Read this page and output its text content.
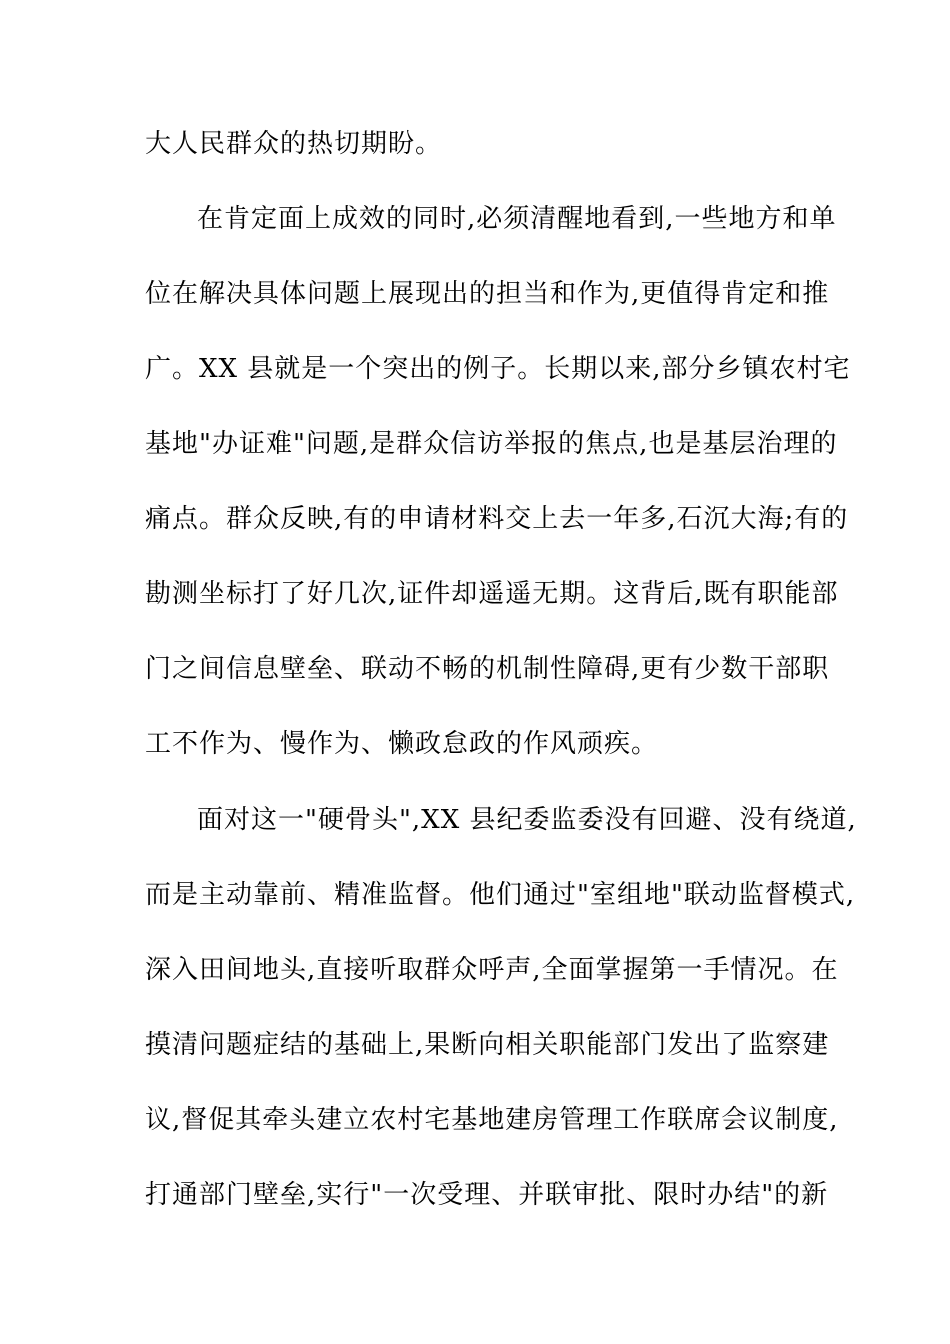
大人民群众的热切期盼。
在肯定面上成效的同时,必须清醒地看到,一些地方和单
位在解决具体问题上展现出的担当和作为,更值得肯定和推
广。XX 县就是一个突出的例子。长期以来,部分乡镇农村宅
基地"办证难"问题,是群众信访举报的焦点,也是基层治理的
痛点。群众反映,有的申请材料交上去一年多,石沉大海;有的
勘测坐标打了好几次,证件却遥遥无期。这背后,既有职能部
门之间信息壁垒、联动不畅的机制性障碍,更有少数干部职
工不作为、慢作为、懒政怠政的作风顽疾。
面对这一"硬骨头",XX 县纪委监委没有回避、没有绕道,
而是主动靠前、精准监督。他们通过"室组地"联动监督模式,
深入田间地头,直接听取群众呼声,全面掌握第一手情况。在
摸清问题症结的基础上,果断向相关职能部门发出了监察建
议,督促其牵头建立农村宅基地建房管理工作联席会议制度,
打通部门壁垒,实行"一次受理、并联审批、限时办结"的新
